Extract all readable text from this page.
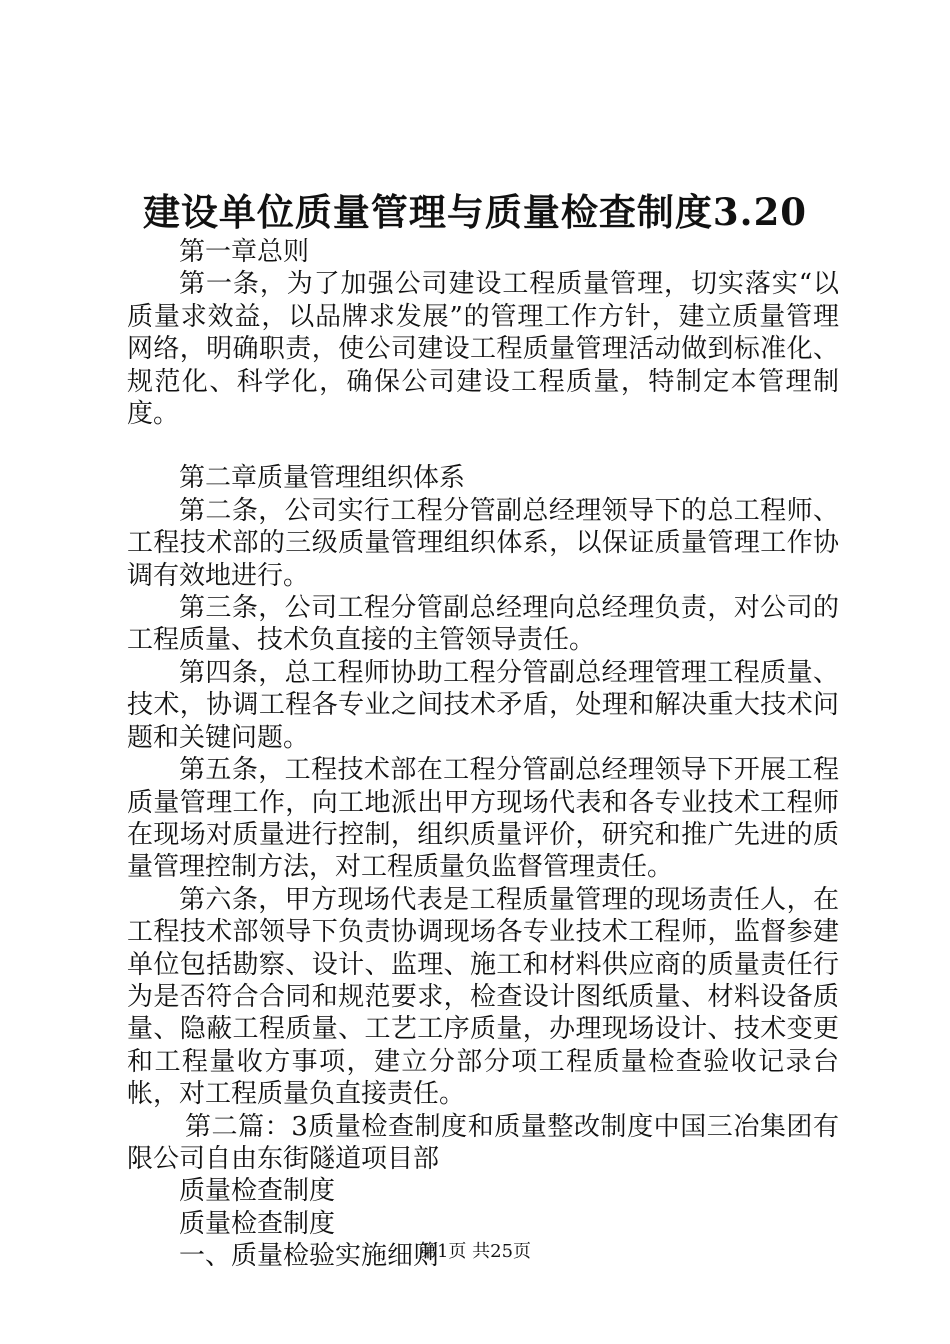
建设单位质量管理与质量检查制度3.20

第一章总则

第一条，为了加强公司建设工程质量管理，切实落实“以质量求效益，以品牌求发展”的管理工作方针，建立质量管理网络，明确职责，使公司建设工程质量管理活动做到标准化、规范化、科学化，确保公司建设工程质量，特制定本管理制度。

第二章质量管理组织体系

第二条，公司实行工程分管副总经理领导下的总工程师、工程技术部的三级质量管理组织体系，以保证质量管理工作协调有效地进行。

第三条，公司工程分管副总经理向总经理负责，对公司的工程质量、技术负直接的主管领导责任。

第四条，总工程师协助工程分管副总经理管理工程质量、技术，协调工程各专业之间技术矛盾，处理和解决重大技术问题和关键问题。

第五条，工程技术部在工程分管副总经理领导下开展工程质量管理工作，向工地派出甲方现场代表和各专业技术工程师在现场对质量进行控制，组织质量评价，研究和推广先进的质量管理控制方法，对工程质量负监督管理责任。

第六条，甲方现场代表是工程质量管理的现场责任人，在工程技术部领导下负责协调现场各专业技术工程师，监督参建单位包括勘察、设计、监理、施工和材料供应商的质量责任行为是否符合合同和规范要求，检查设计图纸质量、材料设备质量、隐蔽工程质量、工艺工序质量，办理现场设计、技术变更和工程量收方事项，建立分部分项工程质量检查验收记录台帐，对工程质量负直接责任。

第二篇：3质量检查制度和质量整改制度中国三冶集团有限公司自由东街隧道项目部

质量检查制度

质量检查制度

一、质量检验实施细则

第1页 共25页
